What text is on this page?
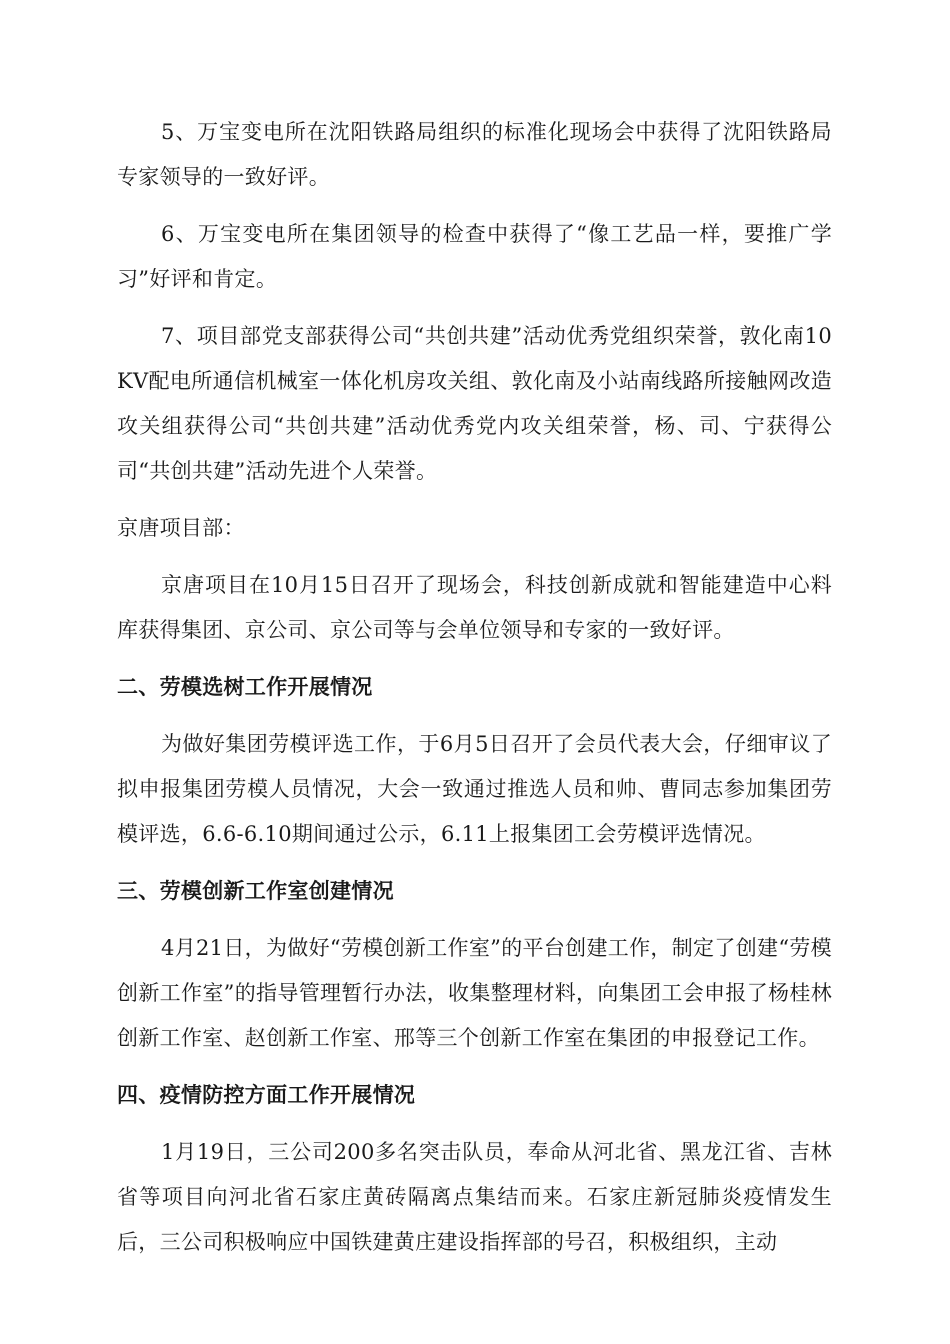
5、万宝变电所在沈阳铁路局组织的标准化现场会中获得了沈阳铁路局专家领导的一致好评。

6、万宝变电所在集团领导的检查中获得了“像工艺品一样，要推广学习”好评和肯定。

7、项目部党支部获得公司“共创共建”活动优秀党组织荣誉，敦化南10KV配电所通信机械室一体化机房攻关组、敦化南及小站南线路所接触网改造攻关组获得公司“共创共建”活动优秀党内攻关组荣誉，杨、司、宁获得公司“共创共建”活动先进个人荣誉。

京唐项目部：

京唐项目在10月15日召开了现场会，科技创新成就和智能建造中心料库获得集团、京公司、京公司等与会单位领导和专家的一致好评。

二、劳模选树工作开展情况

为做好集团劳模评选工作，于6月5日召开了会员代表大会，仔细审议了拟申报集团劳模人员情况，大会一致通过推选人员和帅、曹同志参加集团劳模评选，6.6-6.10期间通过公示，6.11上报集团工会劳模评选情况。

三、劳模创新工作室创建情况

4月21日，为做好“劳模创新工作室”的平台创建工作，制定了创建“劳模创新工作室”的指导管理暂行办法，收集整理材料，向集团工会申报了杨桂林创新工作室、赵创新工作室、邢等三个创新工作室在集团的申报登记工作。

四、疫情防控方面工作开展情况

1月19日，三公司200多名突击队员，奉命从河北省、黑龙江省、吉林省等项目向河北省石家庄黄砖隔离点集结而来。石家庄新冠肺炎疫情发生后，三公司积极响应中国铁建黄庄建设指挥部的号召，积极组织，主动
